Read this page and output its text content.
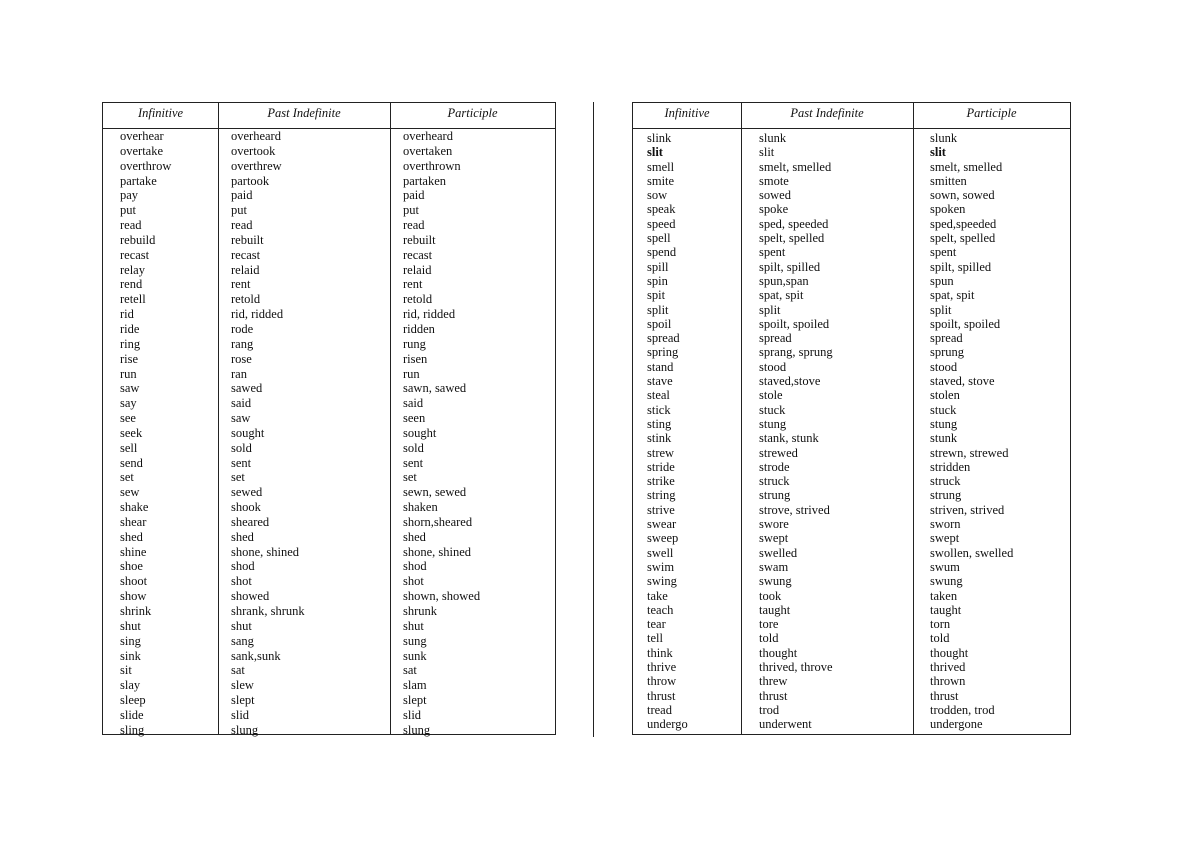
Infinitive	Past Indefinite	Participle
overhear	overheard	overheard
overtake	overtook	overtaken
overthrow	overthrew	overthrown
partake	partook	partaken
pay	paid	paid
put	put	put
read	read	read
rebuild	rebuilt	rebuilt
recast	recast	recast
relay	relaid	relaid
rend	rent	rent
retell	retold	retold
rid	rid, ridded	rid, ridded
ride	rode	ridden
ring	rang	rung
rise	rose	risen
run	ran	run
saw	sawed	sawn, sawed
say	said	said
see	saw	seen
seek	sought	sought
sell	sold	sold
send	sent	sent
set	set	set
sew	sewed	sewn, sewed
shake	shook	shaken
shear	sheared	shorn,sheared
shed	shed	shed
shine	shone, shined	shone, shined
shoe	shod	shod
shoot	shot	shot
show	showed	shown, showed
shrink	shrank, shrunk	shrunk
shut	shut	shut
sing	sang	sung
sink	sank,sunk	sunk
sit	sat	sat
slay	slew	slam
sleep	slept	slept
slide	slid	slid
sling	slung	slung
Infinitive	Past Indefinite	Participle
slink	slunk	slunk
slit	slit	slit
smell	smelt, smelled	smelt, smelled
smite	smote	smitten
sow	sowed	sown, sowed
speak	spoke	spoken
speed	sped, speeded	sped,speeded
spell	spelt, spelled	spelt, spelled
spend	spent	spent
spill	spilt, spilled	spilt, spilled
spin	spun,span	spun
spit	spat, spit	spat, spit
split	split	split
spoil	spoilt, spoiled	spoilt, spoiled
spread	spread	spread
spring	sprang, sprung	sprung
stand	stood	stood
stave	staved,stove	staved, stove
steal	stole	stolen
stick	stuck	stuck
sting	stung	stung
stink	stank, stunk	stunk
strew	strewed	strewn, strewed
stride	strode	stridden
strike	struck	struck
string	strung	strung
strive	strove, strived	striven, strived
swear	swore	sworn
sweep	swept	swept
swell	swelled	swollen, swelled
swim	swam	swum
swing	swung	swung
take	took	taken
teach	taught	taught
tear	tore	torn
tell	told	told
think	thought	thought
thrive	thrived, throve	thrived
throw	threw	thrown
thrust	thrust	thrust
tread	trod	trodden, trod
undergo	underwent	undergone
